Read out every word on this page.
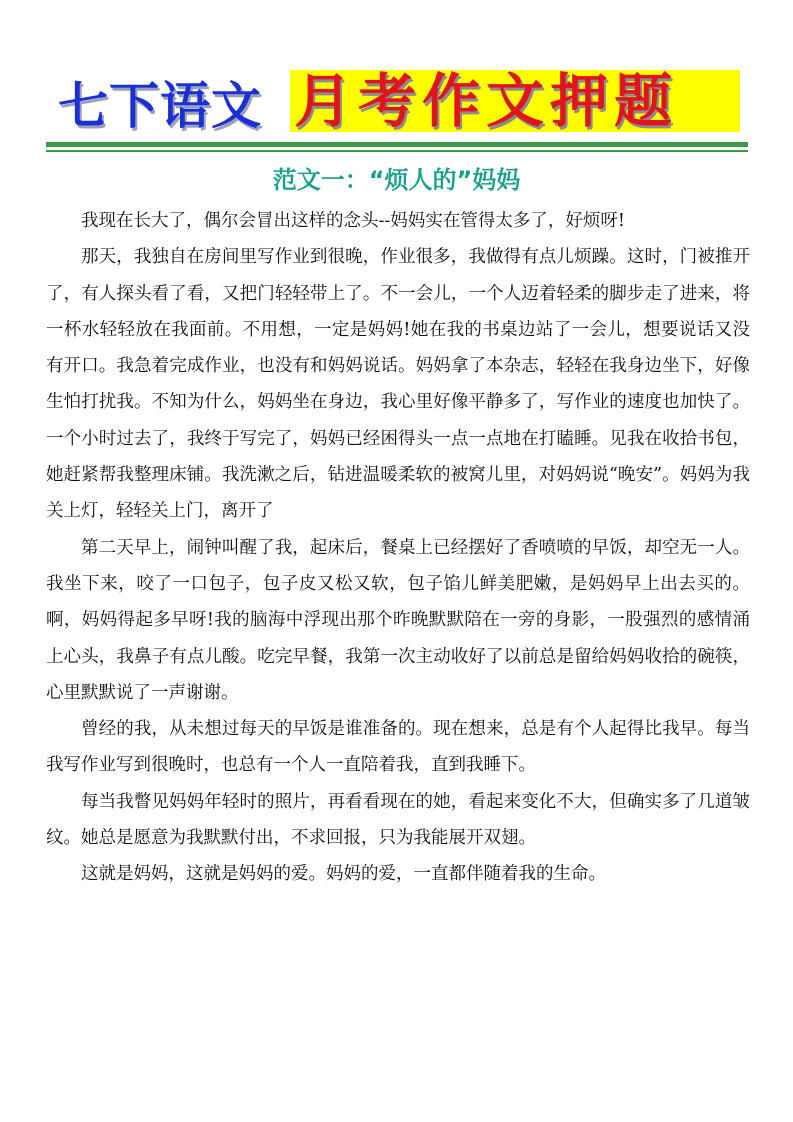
七下语文 月考作文押题
范文一：“烦人的”妈妈

我现在长大了，偶尔会冒出这样的念头--妈妈实在管得太多了，好烦呀!

那天，我独自在房间里写作业到很晚，作业很多，我做得有点儿烦躁。这时，门被推开了，有人探头看了看，又把门轻轻带上了。不一会儿，一个人迈着轻柔的脚步走了进来，将一杯水轻轻放在我面前。不用想，一定是妈妈!她在我的书桌边站了一会儿，想要说话又没有开口。我急着完成作业，也没有和妈妈说话。妈妈拿了本杂志，轻轻在我身边坐下，好像生怕打扰我。不知为什么，妈妈坐在身边，我心里好像平静多了，写作业的速度也加快了。一个小时过去了，我终于写完了，妈妈已经困得头一点一点地在打瞌睡。见我在收拾书包，她赶紧帮我整理床铺。我洗漱之后，钻进温暖柔软的被窝儿里，对妈妈说“晚安”。妈妈为我关上灯，轻轻关上门，离开了

第二天早上，闹钟叫醒了我，起床后，餐桌上已经摆好了香喷喷的早饭，却空无一人。我坐下来，咬了一口包子，包子皮又松又软，包子馅儿鲜美肥嫩，是妈妈早上出去买的。啊，妈妈得起多早呀!我的脑海中浮现出那个昨晚默默陪在一旁的身影，一股强烈的感情涌上心头，我鼻子有点儿酸。吃完早餐，我第一次主动收好了以前总是留给妈妈收拾的碗筷，心里默默说了一声谢谢。

曾经的我，从未想过每天的早饭是谁准备的。现在想来，总是有个人起得比我早。每当我写作业写到很晚时，也总有一个人一直陪着我，直到我睡下。

每当我瞥见妈妈年轻时的照片，再看看现在的她，看起来变化不大，但确实多了几道皱纹。她总是愿意为我默默付出，不求回报，只为我能展开双翅。

这就是妈妈，这就是妈妈的爱。妈妈的爱，一直都伴随着我的生命。
